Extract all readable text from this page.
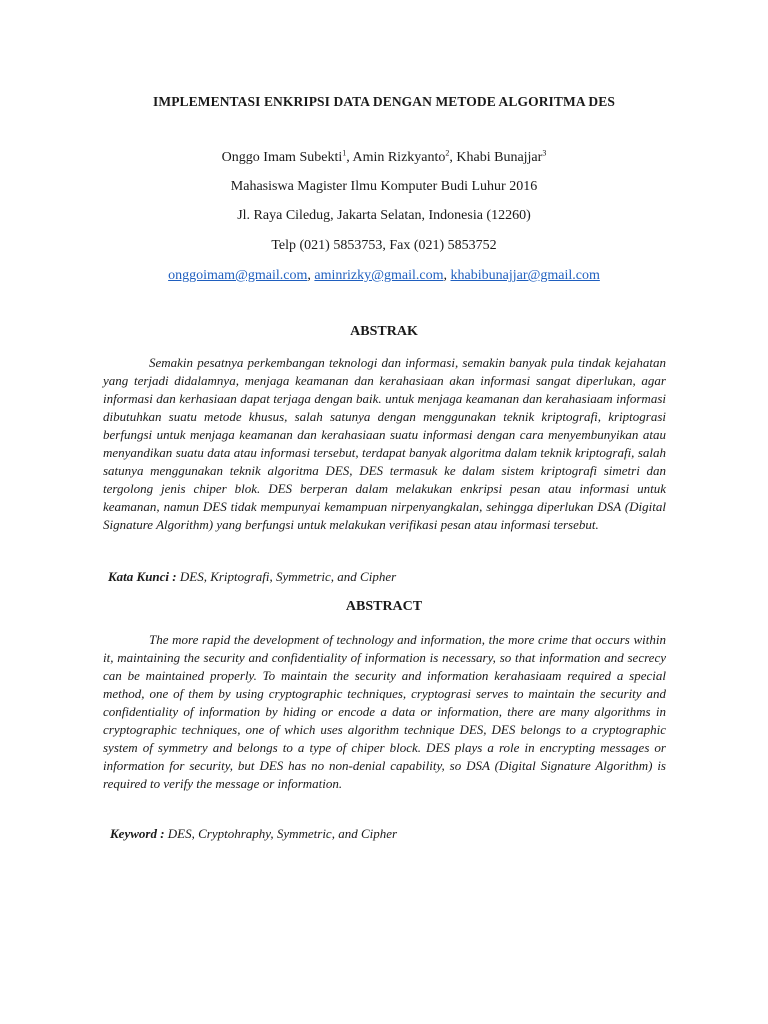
IMPLEMENTASI ENKRIPSI DATA DENGAN METODE ALGORITMA DES
Onggo Imam Subekti$^1$, Amin Rizkyanto$^2$, Khabi Bunajjar$^3$
Mahasiswa Magister Ilmu Komputer Budi Luhur 2016
Jl. Raya Ciledug, Jakarta Selatan, Indonesia (12260)
Telp (021) 5853753, Fax (021) 5853752
onggoimam@gmail.com, aminrizky@gmail.com, khabibunajjar@gmail.com
ABSTRAK

Semakin pesatnya perkembangan teknologi dan informasi, semakin banyak pula tindak kejahatan yang terjadi didalamnya, menjaga keamanan dan kerahasiaan akan informasi sangat diperlukan, agar informasi dan kerhasiaan dapat terjaga dengan baik. untuk menjaga keamanan dan kerahasiaam informasi dibutuhkan suatu metode khusus, salah satunya dengan menggunakan teknik kriptografi, kriptograsi berfungsi untuk menjaga keamanan dan kerahasiaan suatu informasi dengan cara menyembunyikan atau menyandikan suatu data atau informasi tersebut, terdapat banyak algoritma dalam teknik kriptografi, salah satunya menggunakan teknik algoritma DES, DES termasuk ke dalam sistem kriptografi simetri dan tergolong jenis chiper blok. DES berperan dalam melakukan enkripsi pesan atau informasi untuk keamanan, namun DES tidak mempunyai kemampuan nirpenyangkalan, sehingga diperlukan DSA (Digital Signature Algorithm) yang berfungsi untuk melakukan verifikasi pesan atau informasi tersebut.

Kata Kunci : DES, Kriptografi, Symmetric, and Cipher
ABSTRACT

The more rapid the development of technology and information, the more crime that occurs within it, maintaining the security and confidentiality of information is necessary, so that information and secrecy can be maintained properly. To maintain the security and information kerahasiaam required a special method, one of them by using cryptographic techniques, cryptograsi serves to maintain the security and confidentiality of information by hiding or encode a data or information, there are many algorithms in cryptographic techniques, one of which uses algorithm technique DES, DES belongs to a cryptographic system of symmetry and belongs to a type of chiper block. DES plays a role in encrypting messages or information for security, but DES has no non-denial capability, so DSA (Digital Signature Algorithm) is required to verify the message or information.

Keyword : DES, Cryptohraphy, Symmetric, and Cipher
